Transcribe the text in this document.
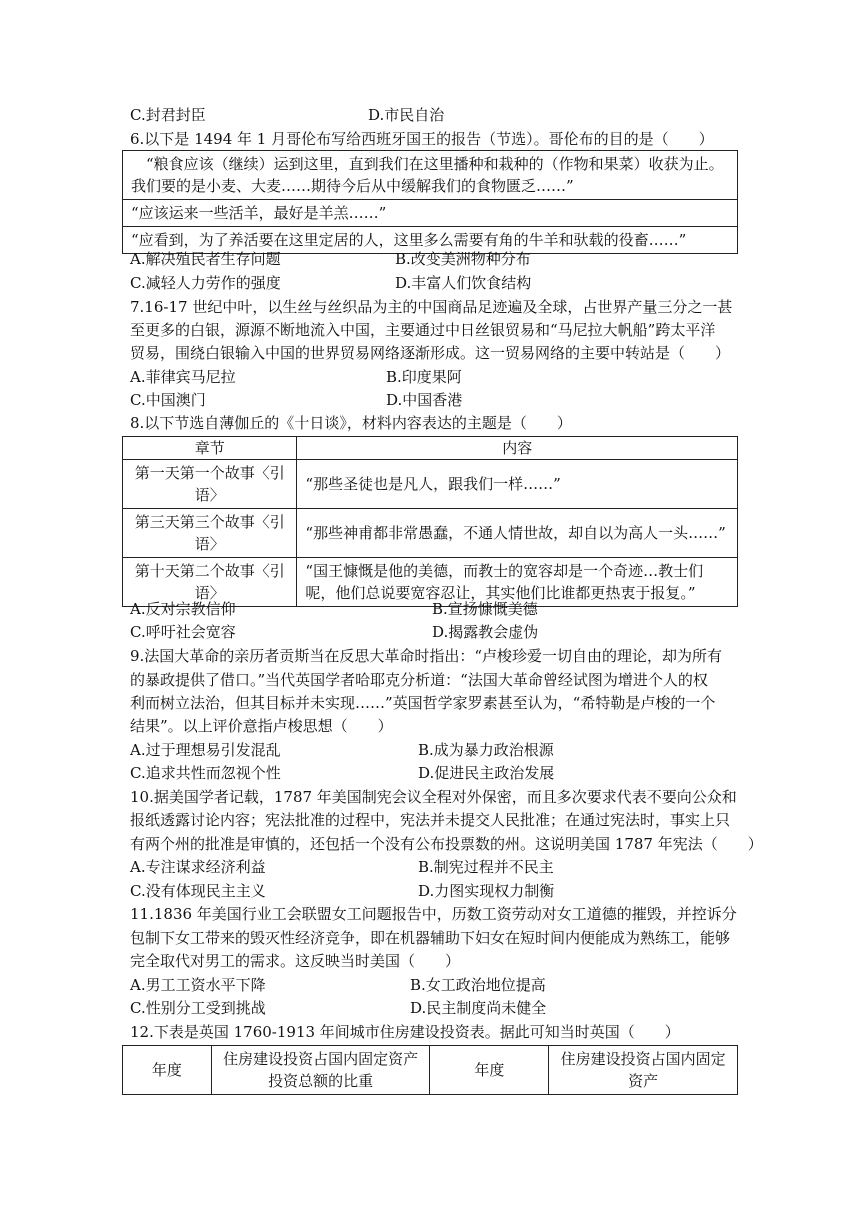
C.封君封臣	D.市民自治
6.以下是 1494 年 1 月哥伦布写给西班牙国王的报告（节选）。哥伦布的目的是（　　）
　“粮食应该（继续）运到这里，直到我们在这里播种和栽种的（作物和果菜）收获为止。
我们要的是小麦、大麦……期待今后从中缓解我们的食物匮乏……”

“应该运来一些活羊，最好是羊羔……”
“应看到，为了养活要在这里定居的人，这里多么需要有角的牛羊和驮载的役畜……”
A.解决殖民者生存问题	B.改变美洲物种分布
C.减轻人力劳作的强度	D.丰富人们饮食结构
7.16-17 世纪中叶，以生丝与丝织品为主的中国商品足迹遍及全球，占世界产量三分之一甚
至更多的白银，源源不断地流入中国，主要通过中日丝银贸易和“马尼拉大帆船”跨太平洋
贸易，围绕白银输入中国的世界贸易网络逐渐形成。这一贸易网络的主要中转站是（　　）
A.菲律宾马尼拉	B.印度果阿
C.中国澳门	D.中国香港
8.以下节选自薄伽丘的《十日谈》，材料内容表达的主题是（　　）
章节	内容
第一天第一个故事〈引语〉	“那些圣徒也是凡人，跟我们一样……”
第三天第三个故事〈引语〉	“那些神甫都非常愚蠢，不通人情世故，却自以为高人一头……”
第十天第二个故事〈引语〉	“国王慷慨是他的美德，而教士的宽容却是一个奇迹…教士们呢，他们总说要宽容忍让，其实他们比谁都更热衷于报复。”
A.反对宗教信仰	B.宣扬慷慨美德
C.呼吁社会宽容	D.揭露教会虚伪
9.法国大革命的亲历者贡斯当在反思大革命时指出：“卢梭珍爱一切自由的理论，却为所有
的暴政提供了借口。”当代英国学者哈耶克分析道：“法国大革命曾经试图为增进个人的权
利而树立法治，但其目标并未实现……”英国哲学家罗素甚至认为，“希特勒是卢梭的一个
结果”。以上评价意指卢梭思想（　　）
A.过于理想易引发混乱	B.成为暴力政治根源
C.追求共性而忽视个性	D.促进民主政治发展
10.据美国学者记载，1787 年美国制宪会议全程对外保密，而且多次要求代表不要向公众和
报纸透露讨论内容；宪法批准的过程中，宪法并未提交人民批准；在通过宪法时，事实上只
有两个州的批准是审慎的，还包括一个没有公布投票数的州。这说明美国 1787 年宪法（　　）
A.专注谋求经济利益	B.制宪过程并不民主
C.没有体现民主主义	D.力图实现权力制衡
11.1836 年美国行业工会联盟女工问题报告中，历数工资劳动对女工道德的摧毁，并控诉分
包制下女工带来的毁灭性经济竞争，即在机器辅助下妇女在短时间内便能成为熟练工，能够
完全取代对男工的需求。这反映当时美国（　　）
A.男工工资水平下降	B.女工政治地位提高
C.性别分工受到挑战	D.民主制度尚未健全
12.下表是英国 1760-1913 年间城市住房建设投资表。据此可知当时英国（　　）
年度	住房建设投资占国内固定资产投资总额的比重	年度	住房建设投资占国内固定资产
